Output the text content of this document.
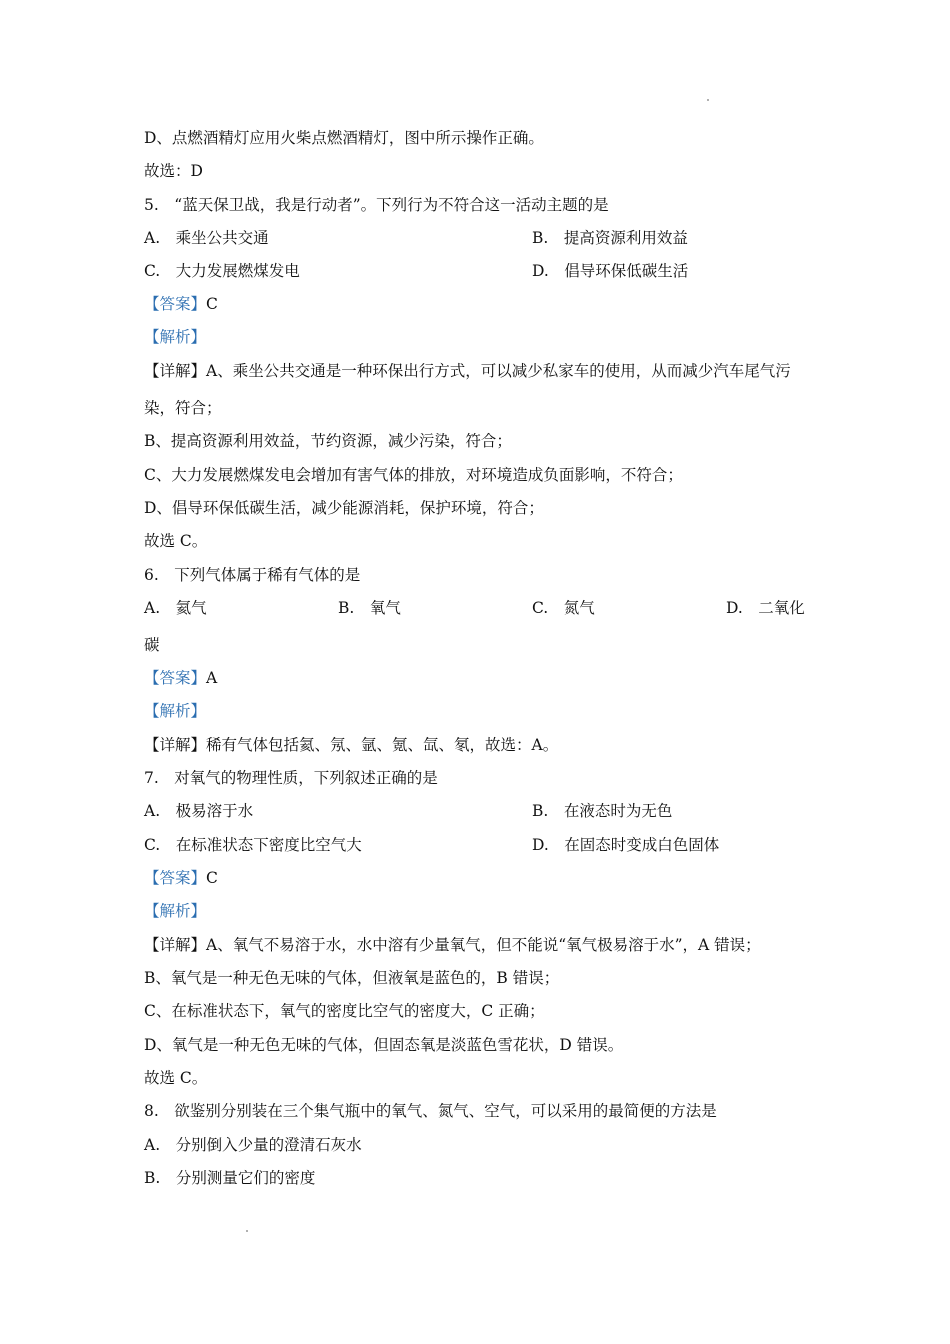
D、点燃酒精灯应用火柴点燃酒精灯，图中所示操作正确。
故选：D
5.　“蓝天保卫战，我是行动者”。下列行为不符合这一活动主题的是
A.　乘坐公共交通	B.　提高资源利用效益
C.　大力发展燃煤发电	D.　倡导环保低碳生活
【答案】C
【解析】
【详解】A、乘坐公共交通是一种环保出行方式，可以减少私家车的使用，从而减少汽车尾气污
染，符合；
B、提高资源利用效益，节约资源，减少污染，符合；
C、大力发展燃煤发电会增加有害气体的排放，对环境造成负面影响，不符合；
D、倡导环保低碳生活，减少能源消耗，保护环境，符合；
故选 C。
6.　下列气体属于稀有气体的是
A.　氦气	B.　氧气	C.　氮气	D.　二氧化
碳
【答案】A
【解析】
【详解】稀有气体包括氦、氖、氩、氪、氙、氡，故选：A。
7.　对氧气的物理性质，下列叙述正确的是
A.　极易溶于水	B.　在液态时为无色
C.　在标准状态下密度比空气大	D.　在固态时变成白色固体
【答案】C
【解析】
【详解】A、氧气不易溶于水，水中溶有少量氧气，但不能说“氧气极易溶于水”，A 错误；
B、氧气是一种无色无味的气体，但液氧是蓝色的，B 错误；
C、在标准状态下，氧气的密度比空气的密度大，C 正确；
D、氧气是一种无色无味的气体，但固态氧是淡蓝色雪花状，D 错误。
故选 C。
8.　欲鉴别分别装在三个集气瓶中的氧气、氮气、空气，可以采用的最简便的方法是
A.　分别倒入少量的澄清石灰水
B.　分别测量它们的密度
